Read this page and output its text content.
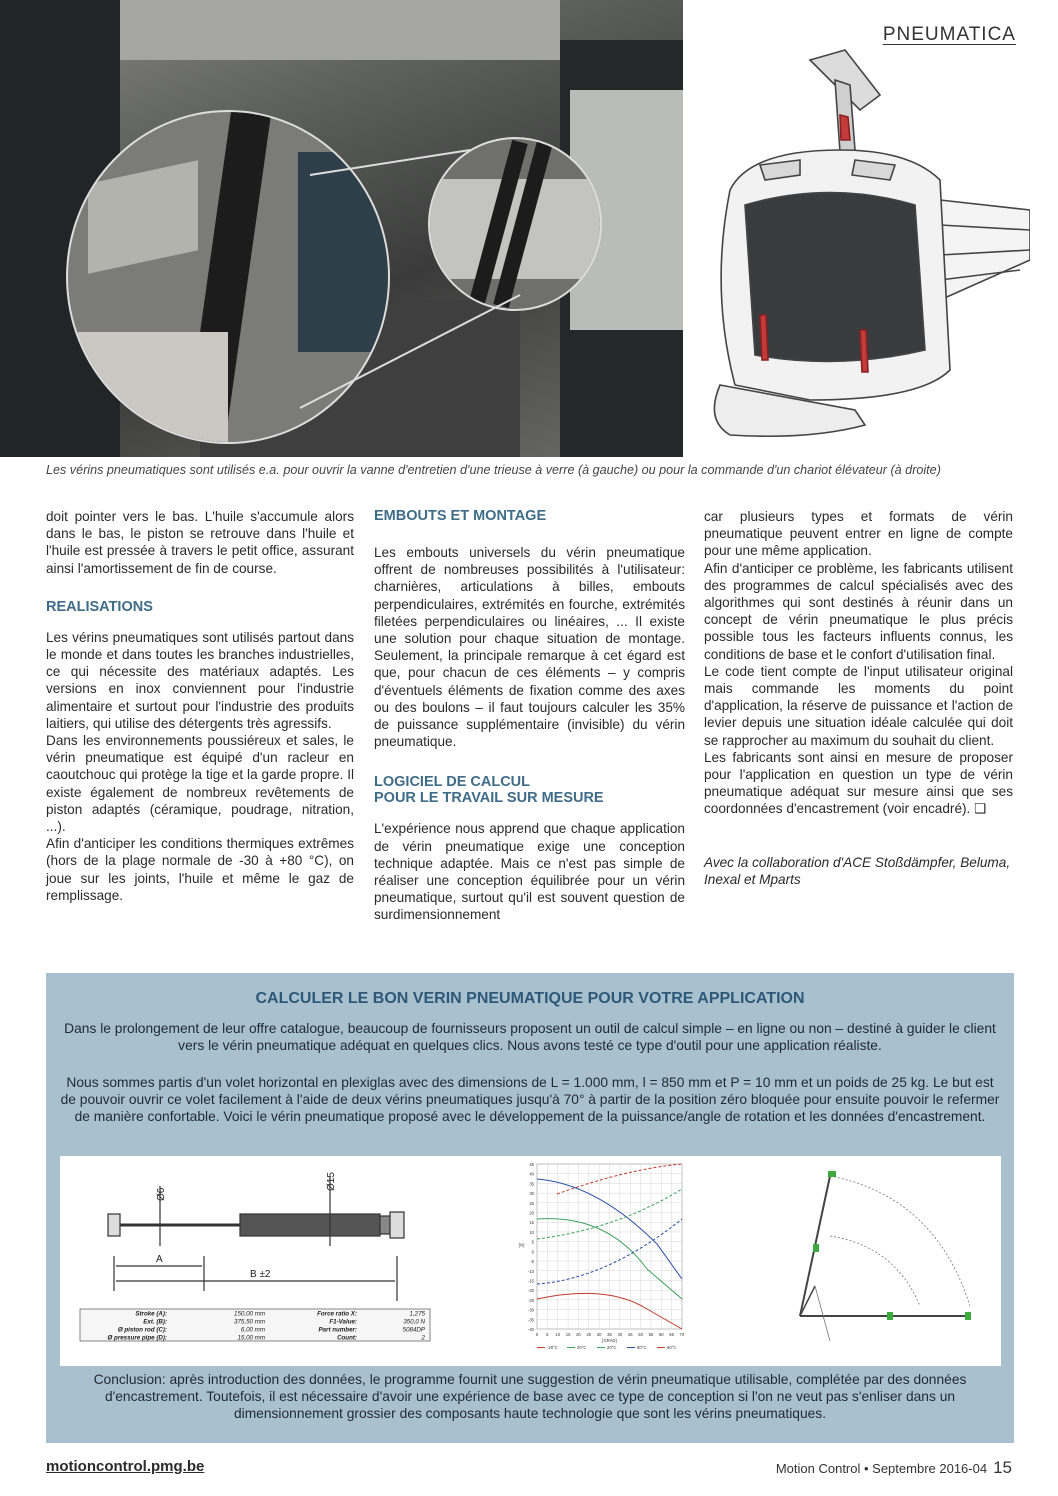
PNEUMATICA
Les vérins pneumatiques sont utilisés e.a. pour ouvrir la vanne d'entretien d'une trieuse à verre (à gauche) ou pour la commande d'un chariot élévateur (à droite)

doit pointer vers le bas. L'huile s'accumule alors dans le bas, le piston se retrouve dans l'huile et l'huile est pressée à travers le petit office, assurant ainsi l'amortissement de fin de course.

REALISATIONS

Les vérins pneumatiques sont utilisés partout dans le monde et dans toutes les branches industrielles, ce qui nécessite des matériaux adaptés. Les versions en inox conviennent pour l'industrie alimentaire et surtout pour l'industrie des produits laitiers, qui utilise des détergents très agressifs.

Dans les environnements poussiéreux et sales, le vérin pneumatique est équipé d'un racleur en caoutchouc qui protège la tige et la garde propre. Il existe également de nombreux revêtements de piston adaptés (céramique, poudrage, nitration, ...).

Afin d'anticiper les conditions thermiques extrêmes (hors de la plage normale de -30 à +80 °C), on joue sur les joints, l'huile et même le gaz de remplissage.

EMBOUTS ET MONTAGE

Les embouts universels du vérin pneumatique offrent de nombreuses possibilités à l'utilisateur: charnières, articulations à billes, embouts perpendiculaires, extrémités en fourche, extrémités filetées perpendiculaires ou linéaires, ... Il existe une solution pour chaque situation de montage. Seulement, la principale remarque à cet égard est que, pour chacun de ces éléments – y compris d'éventuels éléments de fixation comme des axes ou des boulons – il faut toujours calculer les 35% de puissance supplémentaire (invisible) du vérin pneumatique.

LOGICIEL DE CALCUL
POUR LE TRAVAIL SUR MESURE

L'expérience nous apprend que chaque application de vérin pneumatique exige une conception technique adaptée. Mais ce n'est pas simple de réaliser une conception équilibrée pour un vérin pneumatique, surtout qu'il est souvent question de surdimensionnement

car plusieurs types et formats de vérin pneumatique peuvent entrer en ligne de compte pour une même application.

Afin d'anticiper ce problème, les fabricants utilisent des programmes de calcul spécialisés avec des algorithmes qui sont destinés à réunir dans un concept de vérin pneumatique le plus précis possible tous les facteurs influents connus, les conditions de base et le confort d'utilisation final.

Le code tient compte de l'input utilisateur original mais commande les moments du point d'application, la réserve de puissance et l'action de levier depuis une situation idéale calculée qui doit se rapprocher au maximum du souhait du client.

Les fabricants sont ainsi en mesure de proposer pour l'application en question un type de vérin pneumatique adéquat sur mesure ainsi que ses coordonnées d'encastrement (voir encadré). ❑

Avec la collaboration d'ACE Stoßdämpfer, Beluma, Inexal et Mparts

CALCULER LE BON VERIN PNEUMATIQUE POUR VOTRE APPLICATION

Dans le prolongement de leur offre catalogue, beaucoup de fournisseurs proposent un outil de calcul simple – en ligne ou non – destiné à guider le client vers le vérin pneumatique adéquat en quelques clics. Nous avons testé ce type d'outil pour une application réaliste.

Nous sommes partis d'un volet horizontal en plexiglas avec des dimensions de L = 1.000 mm, l = 850 mm et P = 10 mm et un poids de 25 kg. Le but est de pouvoir ouvrir ce volet facilement à l'aide de deux vérins pneumatiques jusqu'à 70° à partir de la position zéro bloquée pour ensuite pouvoir le refermer de manière confortable. Voici le vérin pneumatique proposé avec le développement de la puissance/angle de rotation et les données d'encastrement.

Ø6
Ø15
A
B ±2
Stroke (A):	150,00 mm	Force ratio X:	1,275
Ext. (B):	375,50 mm	F1-Value:	350,0 N
Ø piston rod (C):	6,00 mm	Part number:	5084DP
Ø pressure pipe (D):	15,00 mm	Count:	2
45
40
35
30
25
20
15
10
5
0
-5
-10
-15
-20
-25
-30
-35
-40
0 5 10 15 20 25 30 35 40 45 50 55 60 65 70
[GRAD]
[N]
-20°C	20°C	20°C	60°C	60°C

Conclusion: après introduction des données, le programme fournit une suggestion de vérin pneumatique utilisable, complétée par des données d'encastrement. Toutefois, il est nécessaire d'avoir une expérience de base avec ce type de conception si l'on ne veut pas s'enliser dans un dimensionnement grossier des composants haute technologie que sont les vérins pneumatiques.

motioncontrol.pmg.be	Motion Control • Septembre 2016-04 15
